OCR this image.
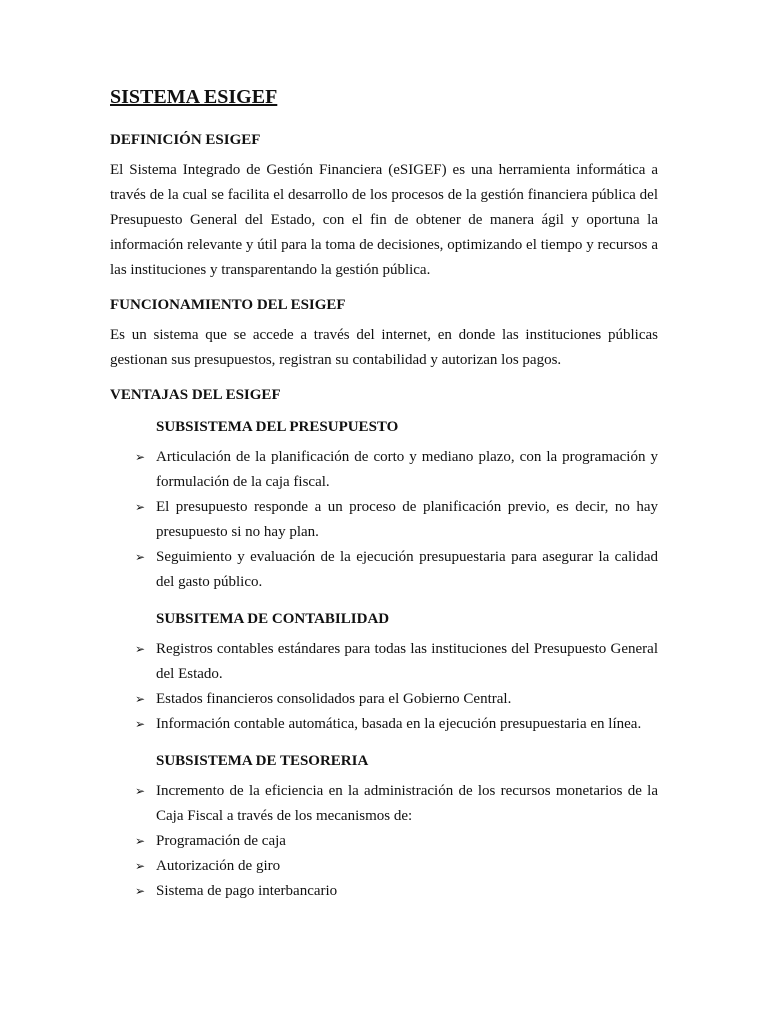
SISTEMA ESIGEF
DEFINICIÓN ESIGEF

El Sistema Integrado de Gestión Financiera (eSIGEF) es una herramienta informática a través de la cual se facilita el desarrollo de los procesos de la gestión financiera pública del Presupuesto General del Estado, con el fin de obtener de manera ágil y oportuna la información relevante y útil para la toma de decisiones, optimizando el tiempo y recursos a las instituciones y transparentando la gestión pública.

FUNCIONAMIENTO DEL ESIGEF

Es un sistema que se accede a través del internet, en donde las instituciones públicas gestionan sus presupuestos, registran su contabilidad y autorizan los pagos.

VENTAJAS DEL ESIGEF
SUBSISTEMA DEL PRESUPUESTO
➢ Articulación de la planificación de corto y mediano plazo, con la programación y formulación de la caja fiscal.
➢ El presupuesto responde a un proceso de planificación previo, es decir, no hay presupuesto si no hay plan.
➢ Seguimiento y evaluación de la ejecución presupuestaria para asegurar la calidad del gasto público.
SUBSITEMA DE CONTABILIDAD
➢ Registros contables estándares para todas las instituciones del Presupuesto General del Estado.
➢ Estados financieros consolidados para el Gobierno Central.
➢ Información contable automática, basada en la ejecución presupuestaria en línea.
SUBSISTEMA DE TESORERIA
➢ Incremento de la eficiencia en la administración de los recursos monetarios de la Caja Fiscal a través de los mecanismos de:
➢ Programación de caja
➢ Autorización de giro
➢ Sistema de pago interbancario
